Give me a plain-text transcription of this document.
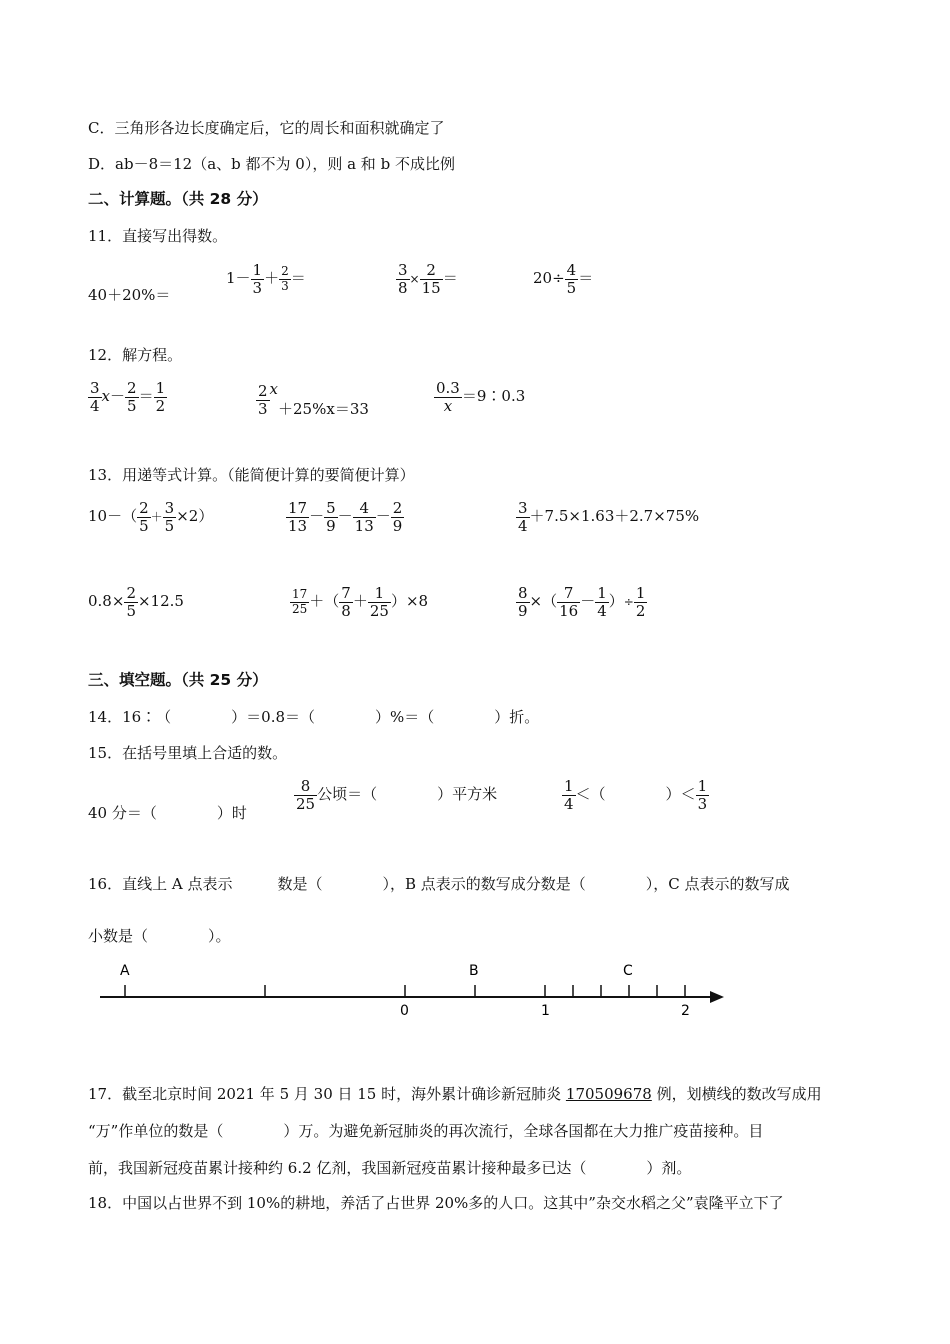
C．三角形各边长度确定后，它的周长和面积就确定了
D．ab－8＝12（a、b 都不为 0），则 a 和 b 不成比例
二、计算题。（共 28 分）
11．直接写出得数。
40＋20%＝
$1- \frac{1}{3} + \frac{2}{3}$ ＝	$\frac{3}{8} \times \frac{2}{15}$ ＝	$20\div \frac{4}{5}$ ＝
12．解方程。
$\frac{3}{4} x- \frac{2}{5} = \frac{1}{2}$	$\frac{2}{3} x+25\%x=33$	$\frac{0.3}{x}$ ＝9∶0.3
13．用递等式计算。（能简便计算的要简便计算）
$10-( \frac{2}{5} + \frac{3}{5} \times 2)$	$\frac{17}{13} - \frac{5}{9} - \frac{4}{13} - \frac{2}{9}$	$\frac{3}{4} +7.5\times 1.63+2.7\times 75\%$
$0.8\times \frac{2}{5} \times 12.5$	$\frac{17}{25}$ ＋（ $\frac{7}{8} + \frac{1}{25} )\times 8$	$\frac{8}{9}$ ×（ $\frac{7}{16} - \frac{1}{4}$ ）÷ $\frac{1}{2}$
三、填空题。（共 25 分）
14．16∶（　　　　）＝0.8＝（　　　　）%＝（　　　　）折。
15．在括号里填上合适的数。
40 分＝（　　　　）时
$\frac{8}{25}$ 公顷＝（　　　　）平方米	$\frac{1}{4}$ ＜（　　　　）＜ $\frac{1}{3}$
16．直线上 A 点表示　　　数是（　　　　），B 点表示的数写成分数是（　　　　），C 点表示的数写成
小数是（　　　　）。
A	B	C
0	1	2
17．截至北京时间 2021 年 5 月 30 日 15 时，海外累计确诊新冠肺炎 170509678 例，划横线的数改写成用
“万”作单位的数是（　　　　）万。为避免新冠肺炎的再次流行，全球各国都在大力推广疫苗接种。目
前，我国新冠疫苗累计接种约 6.2 亿剂，我国新冠疫苗累计接种最多已达（　　　　）剂。
18．中国以占世界不到 10%的耕地，养活了占世界 20%多的人口。这其中”杂交水稻之父”袁隆平立下了
